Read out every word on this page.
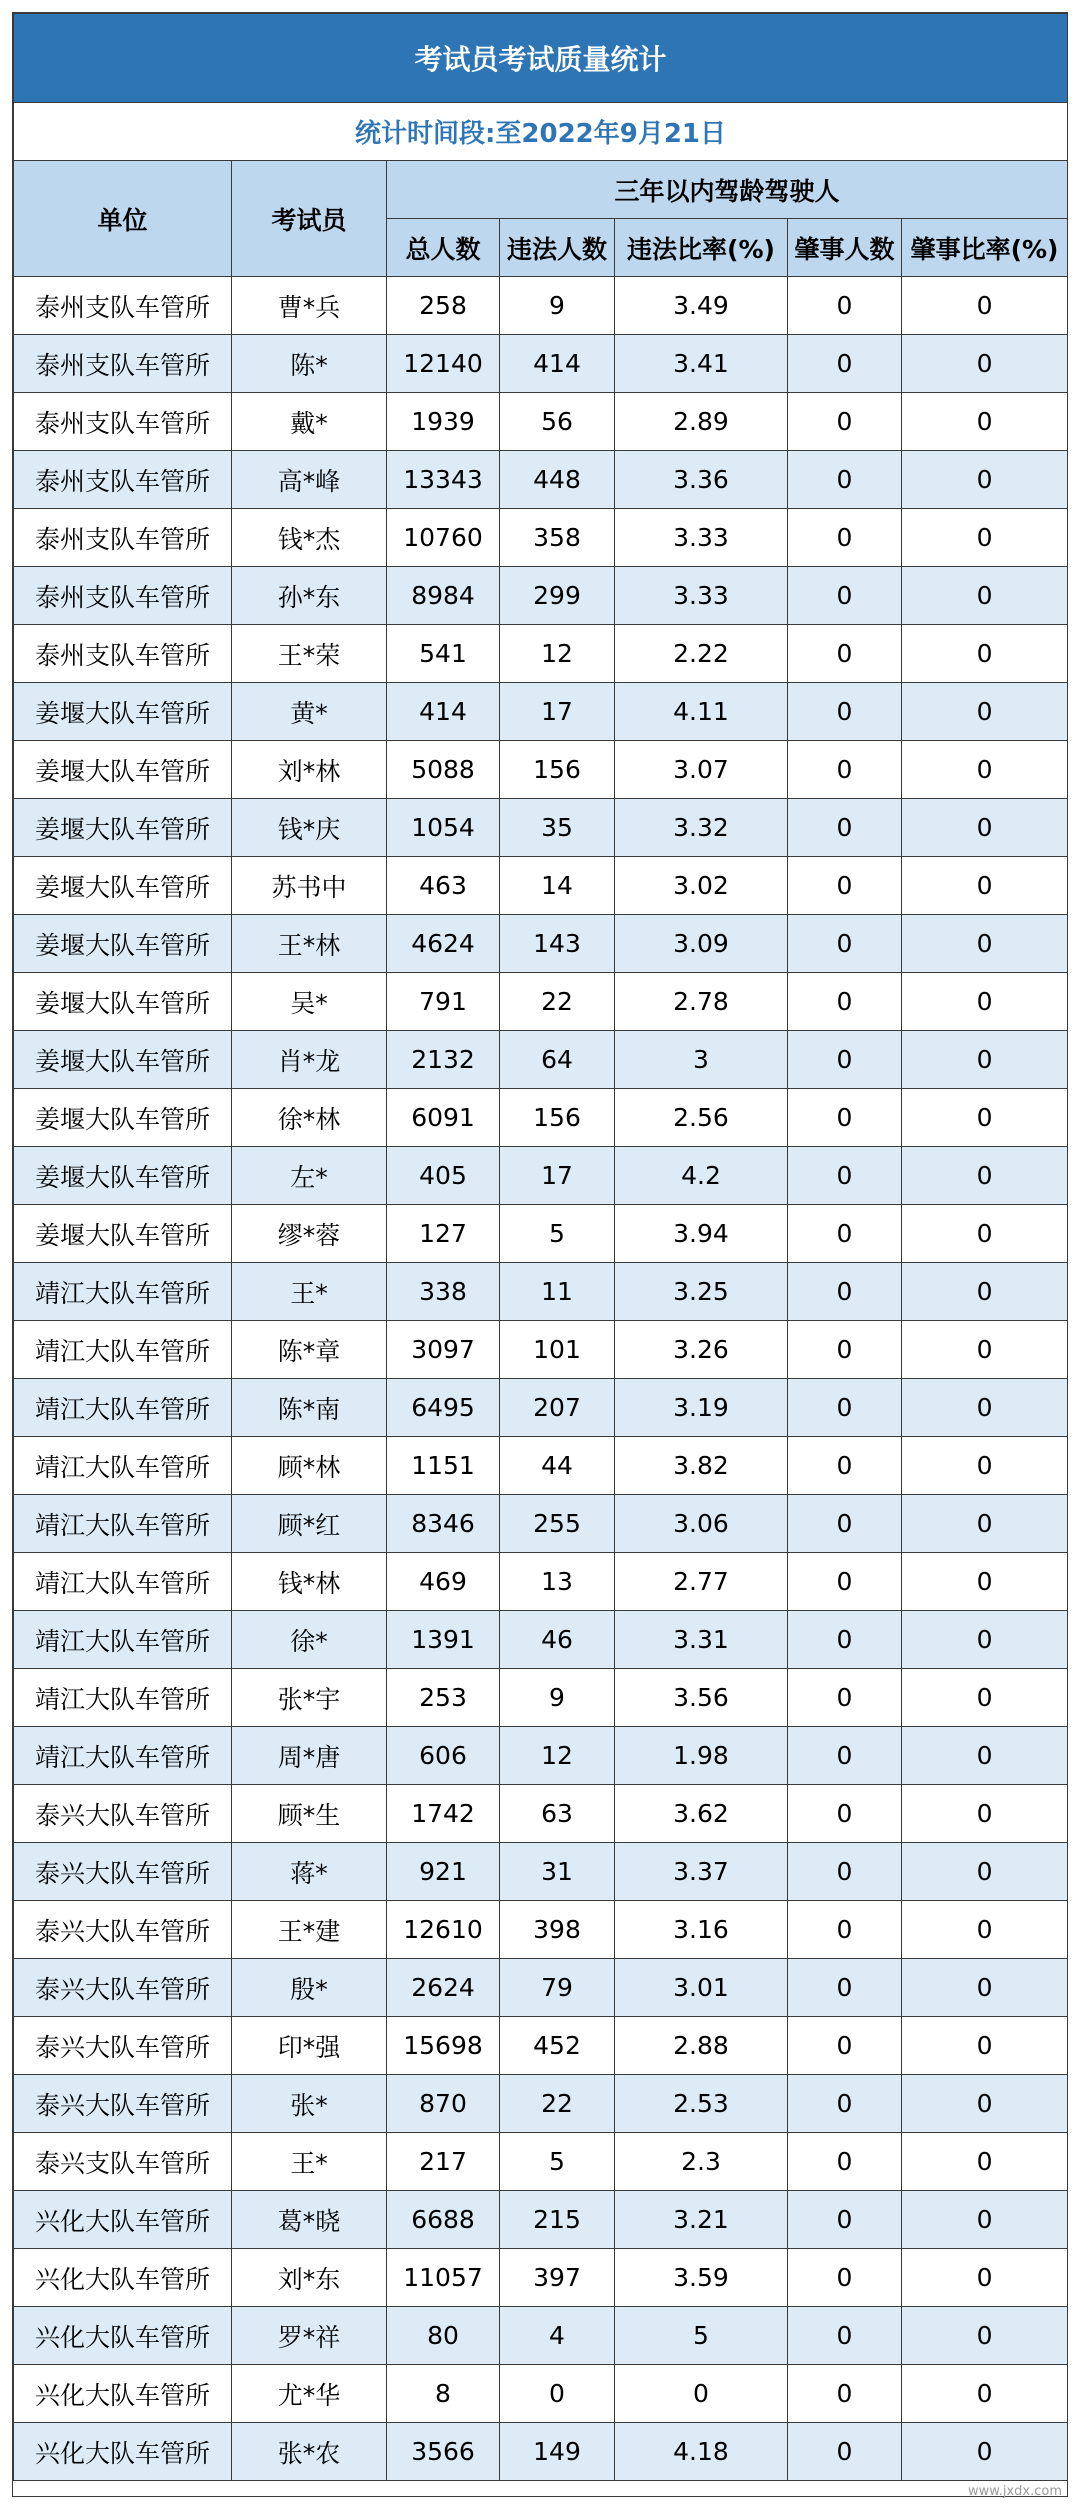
考试员考试质量统计						
统计时间段:至2022年9月21日						
单位	考试员	三年以内驾龄驾驶人				
		总人数	违法人数	违法比率(%)	肇事人数	肇事比率(%)
泰州支队车管所	曹*兵	258	9	3.49	0	0
泰州支队车管所	陈*	12140	414	3.41	0	0
泰州支队车管所	戴*	1939	56	2.89	0	0
泰州支队车管所	高*峰	13343	448	3.36	0	0
泰州支队车管所	钱*杰	10760	358	3.33	0	0
泰州支队车管所	孙*东	8984	299	3.33	0	0
泰州支队车管所	王*荣	541	12	2.22	0	0
姜堰大队车管所	黄*	414	17	4.11	0	0
姜堰大队车管所	刘*林	5088	156	3.07	0	0
姜堰大队车管所	钱*庆	1054	35	3.32	0	0
姜堰大队车管所	苏书中	463	14	3.02	0	0
姜堰大队车管所	王*林	4624	143	3.09	0	0
姜堰大队车管所	吴*	791	22	2.78	0	0
姜堰大队车管所	肖*龙	2132	64	3	0	0
姜堰大队车管所	徐*林	6091	156	2.56	0	0
姜堰大队车管所	左*	405	17	4.2	0	0
姜堰大队车管所	缪*蓉	127	5	3.94	0	0
靖江大队车管所	王*	338	11	3.25	0	0
靖江大队车管所	陈*章	3097	101	3.26	0	0
靖江大队车管所	陈*南	6495	207	3.19	0	0
靖江大队车管所	顾*林	1151	44	3.82	0	0
靖江大队车管所	顾*红	8346	255	3.06	0	0
靖江大队车管所	钱*林	469	13	2.77	0	0
靖江大队车管所	徐*	1391	46	3.31	0	0
靖江大队车管所	张*宇	253	9	3.56	0	0
靖江大队车管所	周*唐	606	12	1.98	0	0
泰兴大队车管所	顾*生	1742	63	3.62	0	0
泰兴大队车管所	蒋*	921	31	3.37	0	0
泰兴大队车管所	王*建	12610	398	3.16	0	0
泰兴大队车管所	殷*	2624	79	3.01	0	0
泰兴大队车管所	印*强	15698	452	2.88	0	0
泰兴大队车管所	张*	870	22	2.53	0	0
泰兴支队车管所	王*	217	5	2.3	0	0
兴化大队车管所	葛*晓	6688	215	3.21	0	0
兴化大队车管所	刘*东	11057	397	3.59	0	0
兴化大队车管所	罗*祥	80	4	5	0	0
兴化大队车管所	尤*华	8	0	0	0	0
兴化大队车管所	张*农	3566	149	4.18	0	0
www.jxdx.com
